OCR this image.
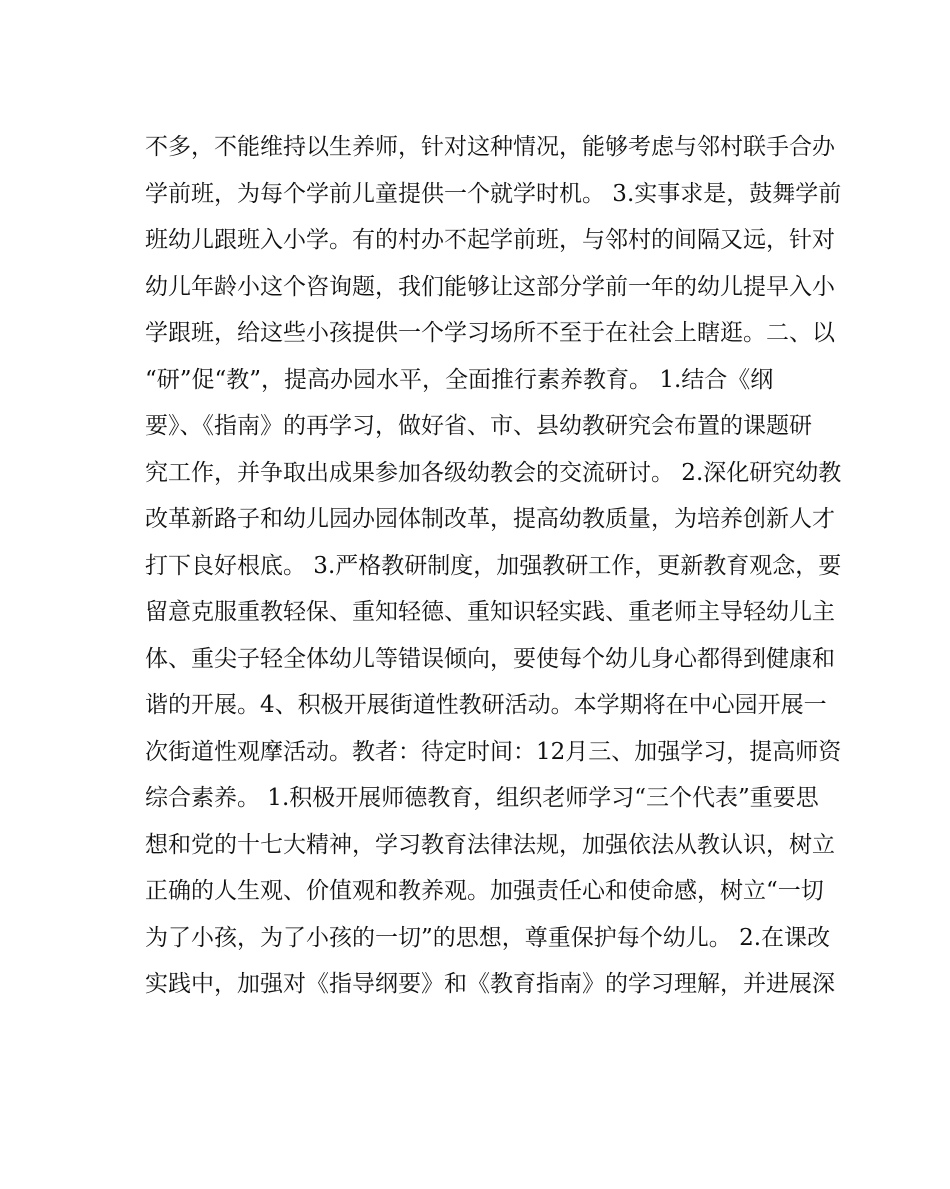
不多，不能维持以生养师，针对这种情况，能够考虑与邻村联手合办
学前班，为每个学前儿童提供一个就学时机。 3.实事求是，鼓舞学前
班幼儿跟班入小学。有的村办不起学前班，与邻村的间隔又远，针对
幼儿年龄小这个咨询题，我们能够让这部分学前一年的幼儿提早入小
学跟班，给这些小孩提供一个学习场所不至于在社会上瞎逛。二、以
“研”促“教”，提高办园水平，全面推行素养教育。 1.结合《纲
要》、《指南》的再学习，做好省、市、县幼教研究会布置的课题研
究工作，并争取出成果参加各级幼教会的交流研讨。 2.深化研究幼教
改革新路子和幼儿园办园体制改革，提高幼教质量，为培养创新人才
打下良好根底。 3.严格教研制度，加强教研工作，更新教育观念，要
留意克服重教轻保、重知轻德、重知识轻实践、重老师主导轻幼儿主
体、重尖子轻全体幼儿等错误倾向，要使每个幼儿身心都得到健康和
谐的开展。4、积极开展街道性教研活动。本学期将在中心园开展一
次街道性观摩活动。教者：待定时间：12月三、加强学习，提高师资
综合素养。 1.积极开展师德教育，组织老师学习“三个代表”重要思
想和党的十七大精神，学习教育法律法规，加强依法从教认识，树立
正确的人生观、价值观和教养观。加强责任心和使命感，树立“一切
为了小孩，为了小孩的一切”的思想，尊重保护每个幼儿。 2.在课改
实践中，加强对《指导纲要》和《教育指南》的学习理解，并进展深
